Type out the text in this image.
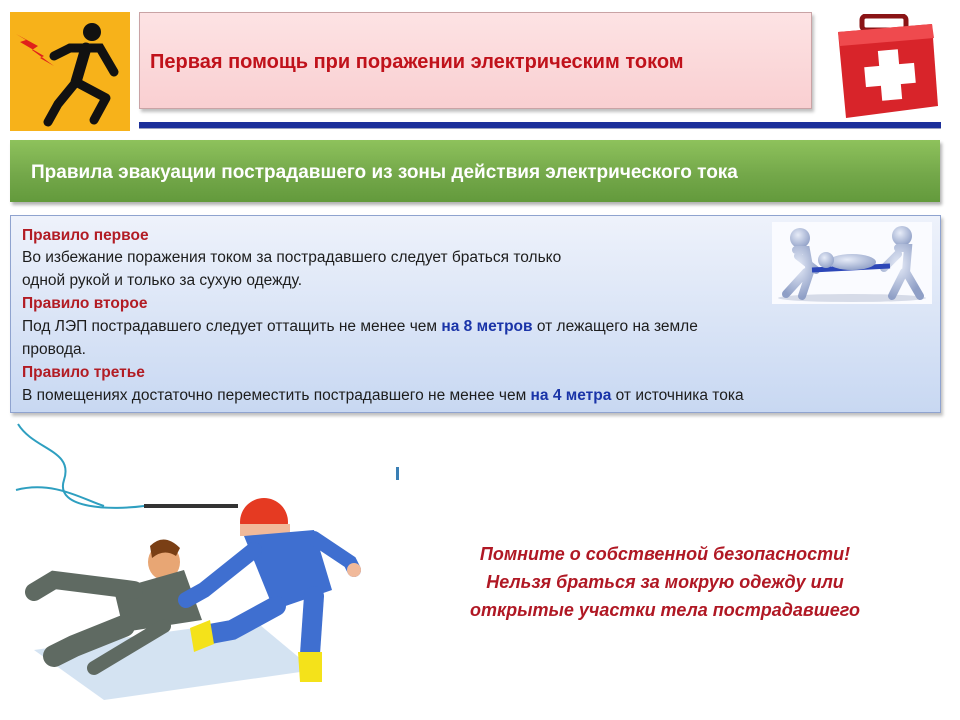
Первая помощь при поражении электрическим током
Правила эвакуации пострадавшего из зоны действия электрического тока
Правило первое
Во избежание поражения током за пострадавшего следует браться только
одной рукой и только за сухую одежду.
Правило второе
Под ЛЭП пострадавшего следует оттащить не менее чем на 8 метров от лежащего на земле
провода.
Правило третье
В помещениях достаточно переместить пострадавшего не менее чем на 4 метра от источника тока
Помните о собственной безопасности!
Нельзя браться за мокрую одежду или
открытые участки тела пострадавшего
